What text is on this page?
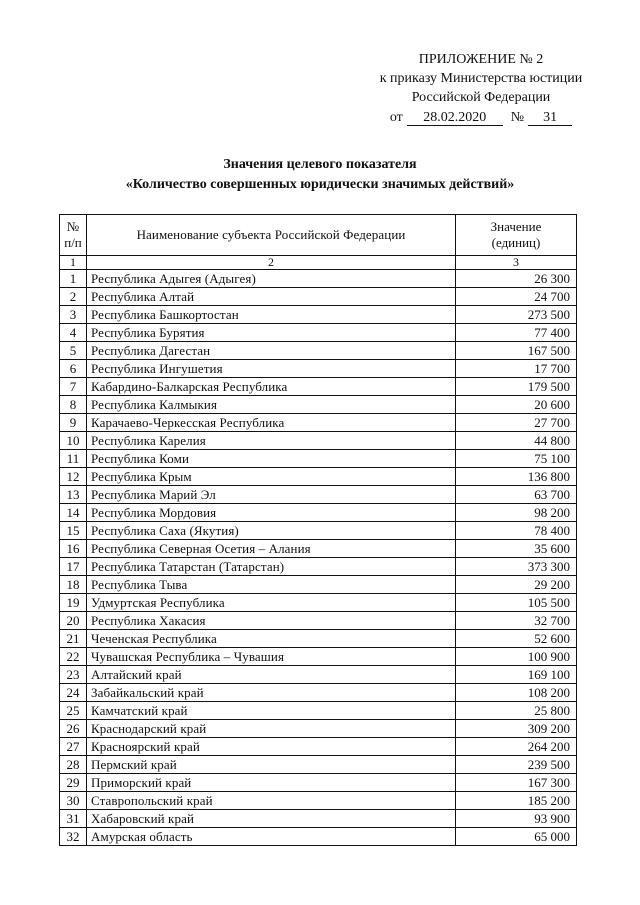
ПРИЛОЖЕНИЕ № 2
к приказу Министерства юстиции
Российской Федерации
от	28.02.2020	№	31
Значения целевого показателя
«Количество совершенных юридически значимых действий»
№
п/п	Наименование субъекта Российской Федерации	Значение
(единиц)
1	2	3
1	Республика Адыгея (Адыгея)	26 300
2	Республика Алтай	24 700
3	Республика Башкортостан	273 500
4	Республика Бурятия	77 400
5	Республика Дагестан	167 500
6	Республика Ингушетия	17 700
7	Кабардино-Балкарская Республика	179 500
8	Республика Калмыкия	20 600
9	Карачаево-Черкесская Республика	27 700
10	Республика Карелия	44 800
11	Республика Коми	75 100
12	Республика Крым	136 800
13	Республика Марий Эл	63 700
14	Республика Мордовия	98 200
15	Республика Саха (Якутия)	78 400
16	Республика Северная Осетия – Алания	35 600
17	Республика Татарстан (Татарстан)	373 300
18	Республика Тыва	29 200
19	Удмуртская Республика	105 500
20	Республика Хакасия	32 700
21	Чеченская Республика	52 600
22	Чувашская Республика – Чувашия	100 900
23	Алтайский край	169 100
24	Забайкальский край	108 200
25	Камчатский край	25 800
26	Краснодарский край	309 200
27	Красноярский край	264 200
28	Пермский край	239 500
29	Приморский край	167 300
30	Ставропольский край	185 200
31	Хабаровский край	93 900
32	Амурская область	65 000
